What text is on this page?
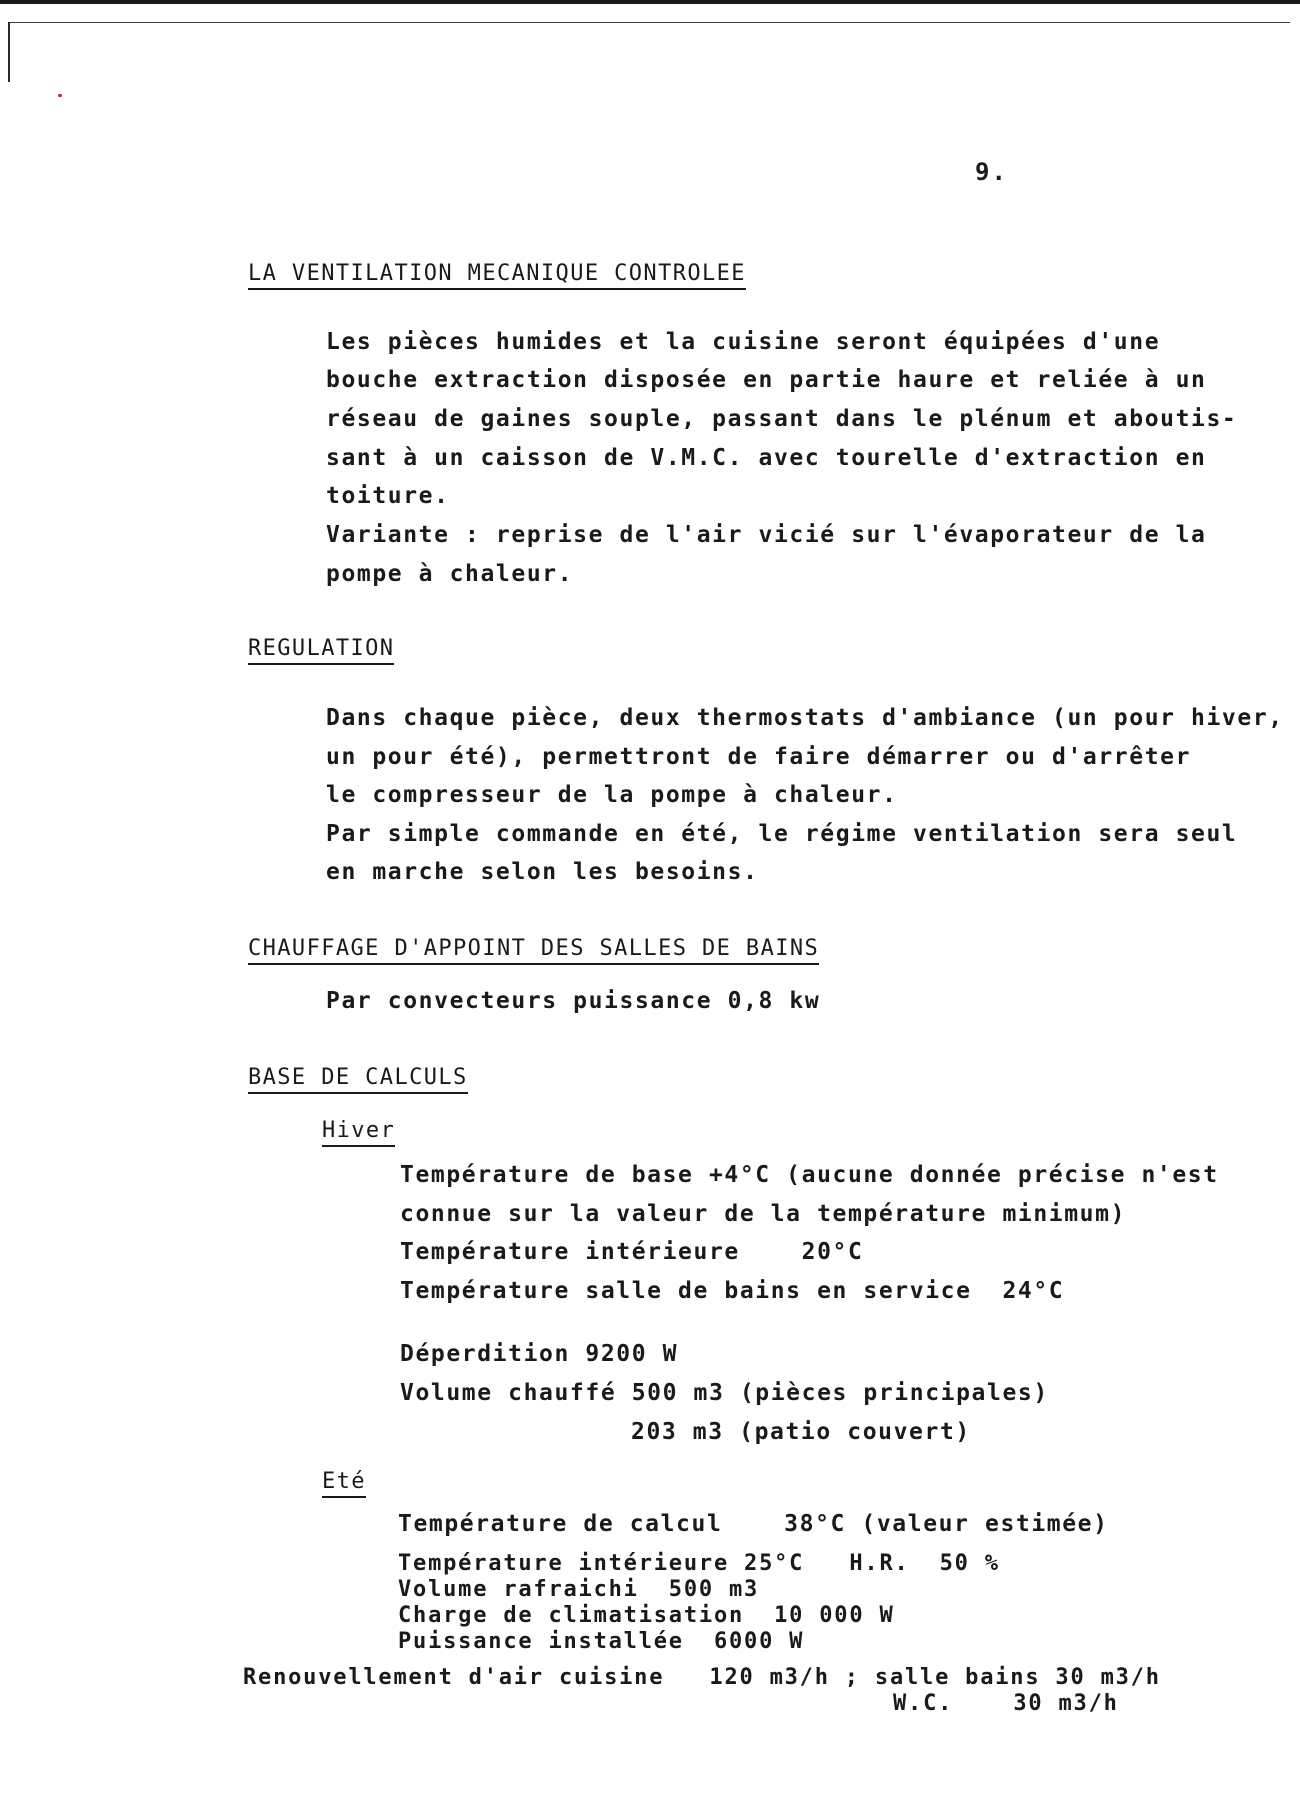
9.
LA VENTILATION MECANIQUE CONTROLEE
Les pièces humides et la cuisine seront équipées d'une
bouche extraction disposée en partie haure et reliée à un
réseau de gaines souple, passant dans le plénum et aboutis-
sant à un caisson de V.M.C. avec tourelle d'extraction en
toiture.
Variante : reprise de l'air vicié sur l'évaporateur de la
pompe à chaleur.
REGULATION
Dans chaque pièce, deux thermostats d'ambiance (un pour hiver,
un pour été), permettront de faire démarrer ou d'arrêter
le compresseur de la pompe à chaleur.
Par simple commande en été, le régime ventilation sera seul
en marche selon les besoins.
CHAUFFAGE D'APPOINT DES SALLES DE BAINS
Par convecteurs puissance 0,8 kw
BASE DE CALCULS
Hiver
Température de base +4°C (aucune donnée précise n'est
connue sur la valeur de la température minimum)
Température intérieure    20°C
Température salle de bains en service  24°C
Déperdition 9200 W
Volume chauffé 500 m3 (pièces principales)
203 m3 (patio couvert)
Eté
Température de calcul    38°C (valeur estimée)
Température intérieure 25°C   H.R.  50 %
Volume rafraichi  500 m3
Charge de climatisation  10 000 W
Puissance installée  6000 W
Renouvellement d'air cuisine   120 m3/h ; salle bains 30 m3/h
W.C.    30 m3/h
